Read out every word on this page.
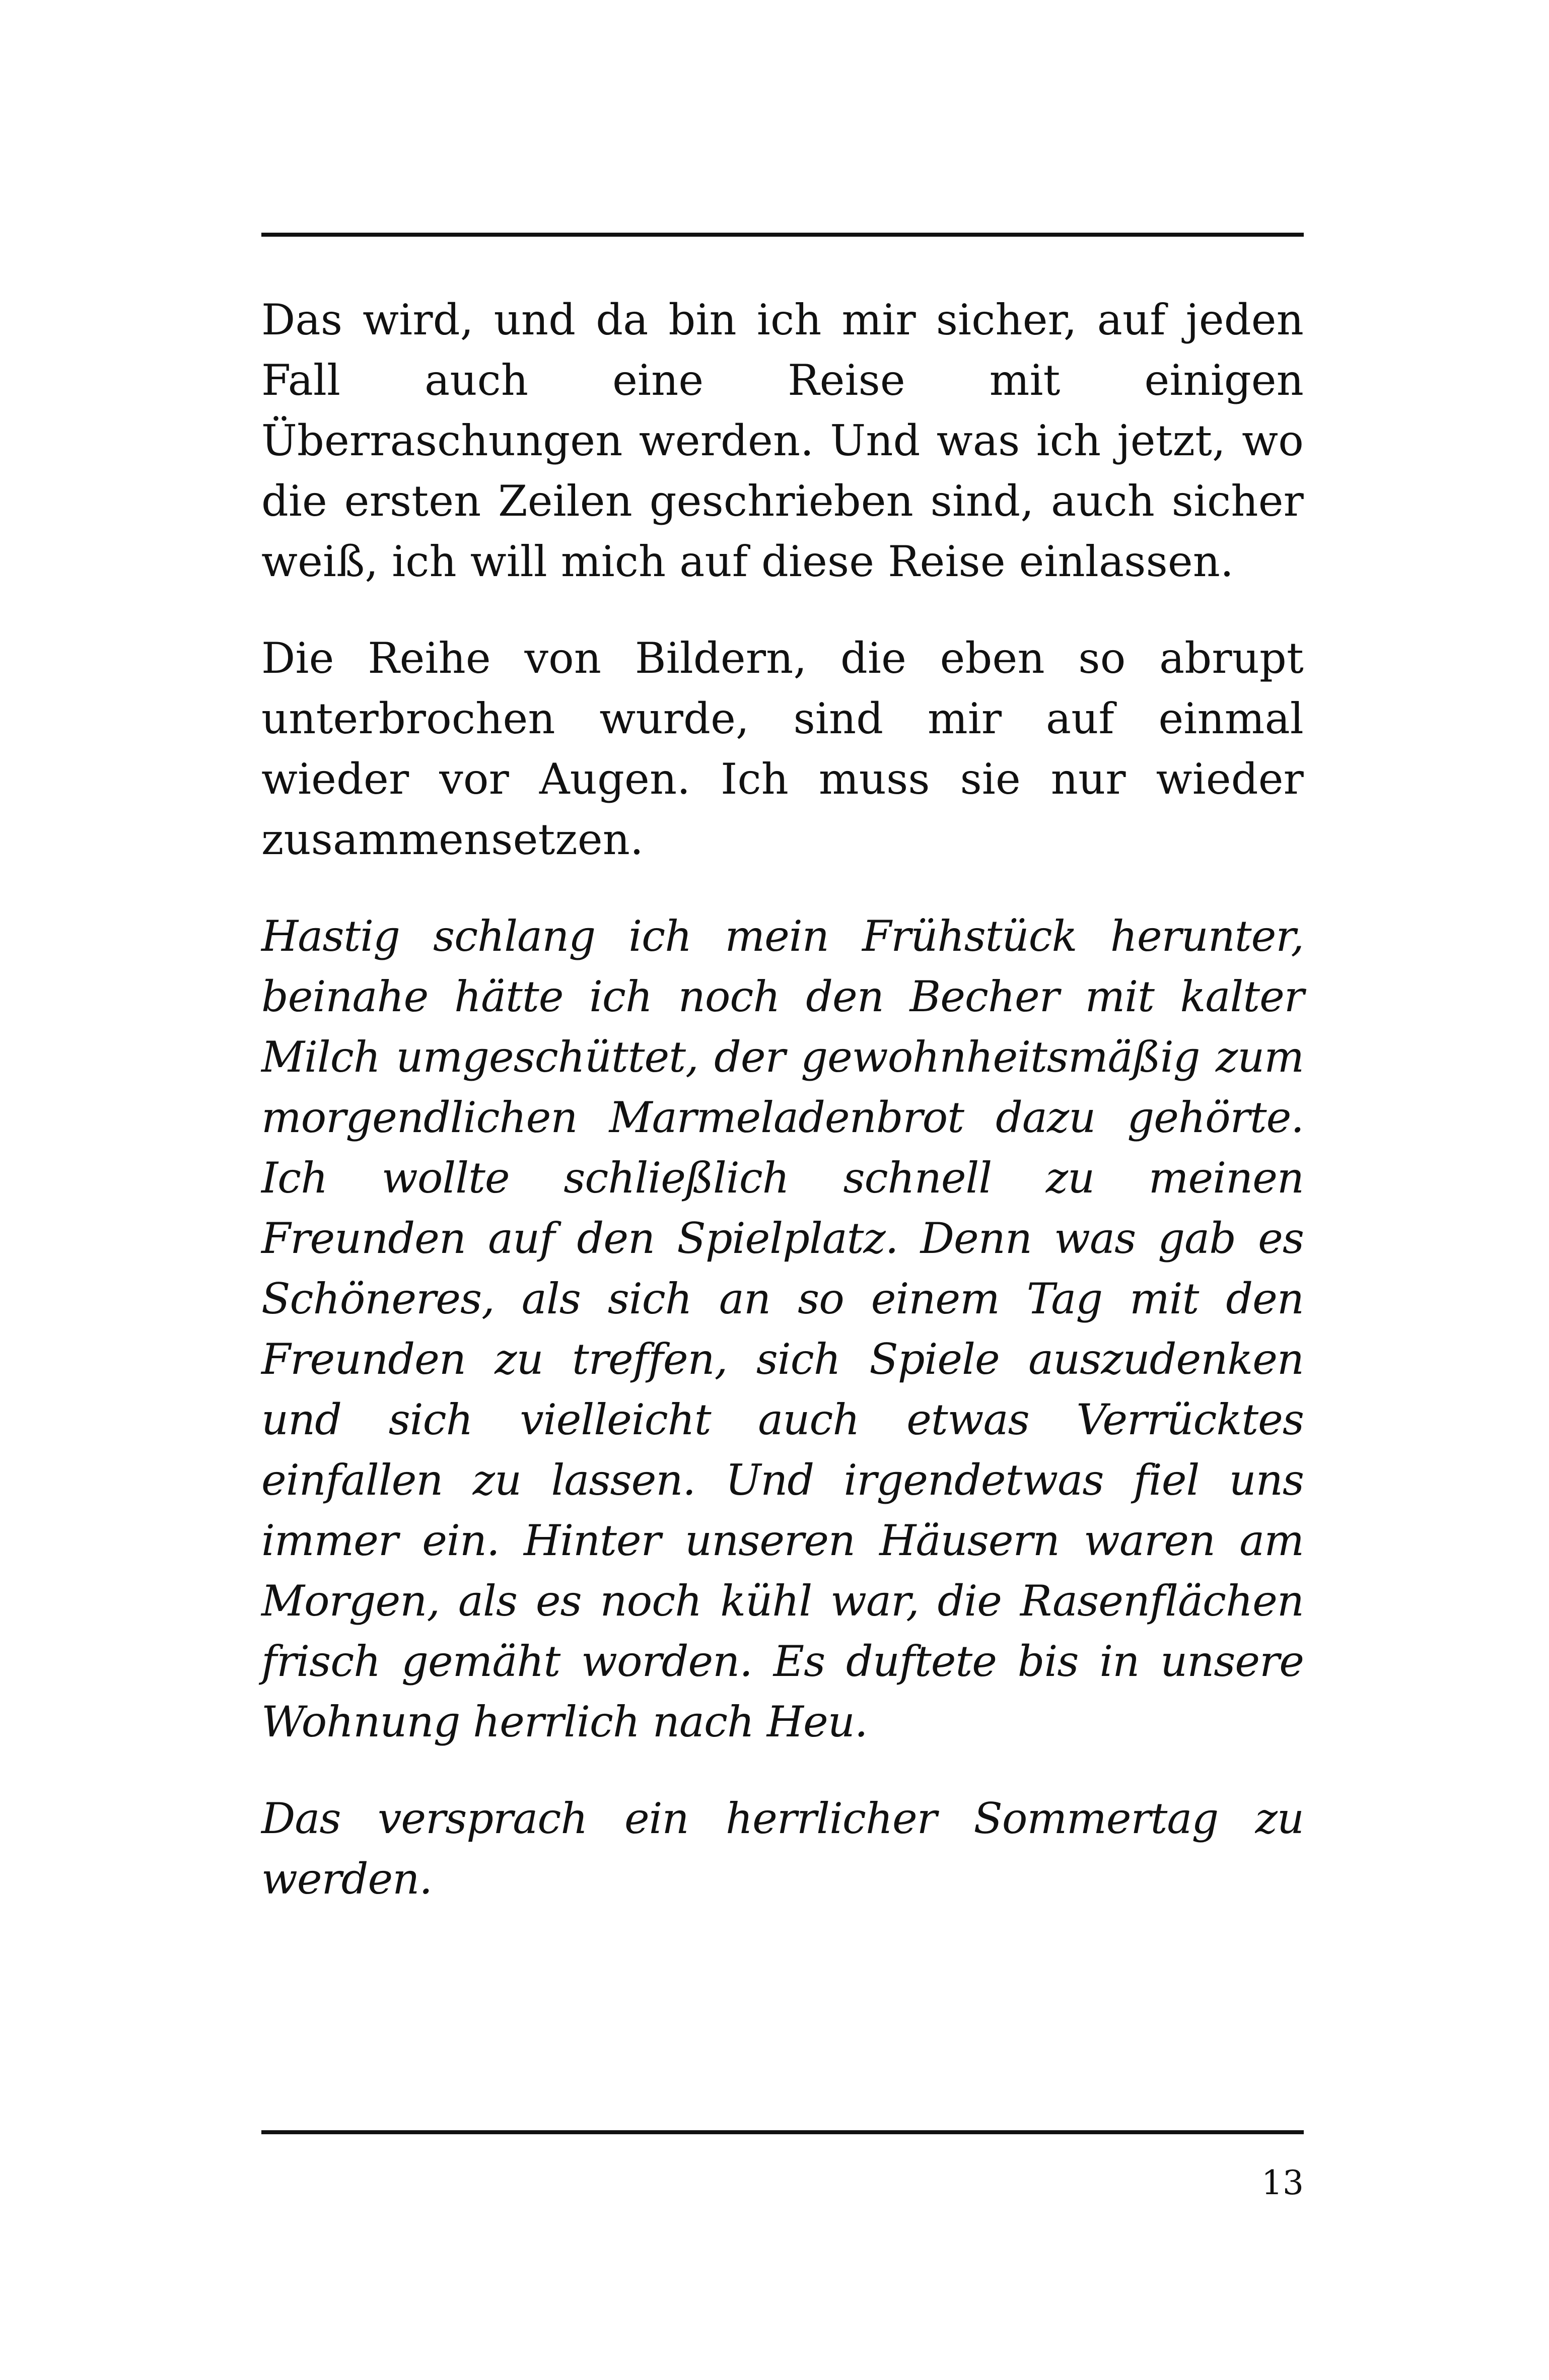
Das wird, und da bin ich mir sicher, auf jeden Fall auch eine Reise mit einigen Überraschungen werden. Und was ich jetzt, wo die ersten Zeilen geschrieben sind, auch sicher weiß, ich will mich auf diese Reise einlassen.

Die Reihe von Bildern, die eben so abrupt unterbrochen wurde, sind mir auf einmal wieder vor Augen. Ich muss sie nur wieder zusammensetzen.

Hastig schlang ich mein Frühstück herunter, beinahe hätte ich noch den Becher mit kalter Milch umgeschüttet, der gewohnheitsmäßig zum morgendlichen Marmeladenbrot dazu gehörte. Ich wollte schließlich schnell zu meinen Freunden auf den Spielplatz. Denn was gab es Schöneres, als sich an so einem Tag mit den Freunden zu treffen, sich Spiele auszudenken und sich vielleicht auch etwas Verrücktes einfallen zu lassen. Und irgendetwas fiel uns immer ein. Hinter unseren Häusern waren am Morgen, als es noch kühl war, die Rasenflächen frisch gemäht worden. Es duftete bis in unsere Wohnung herrlich nach Heu.

Das versprach ein herrlicher Sommertag zu werden.

13
